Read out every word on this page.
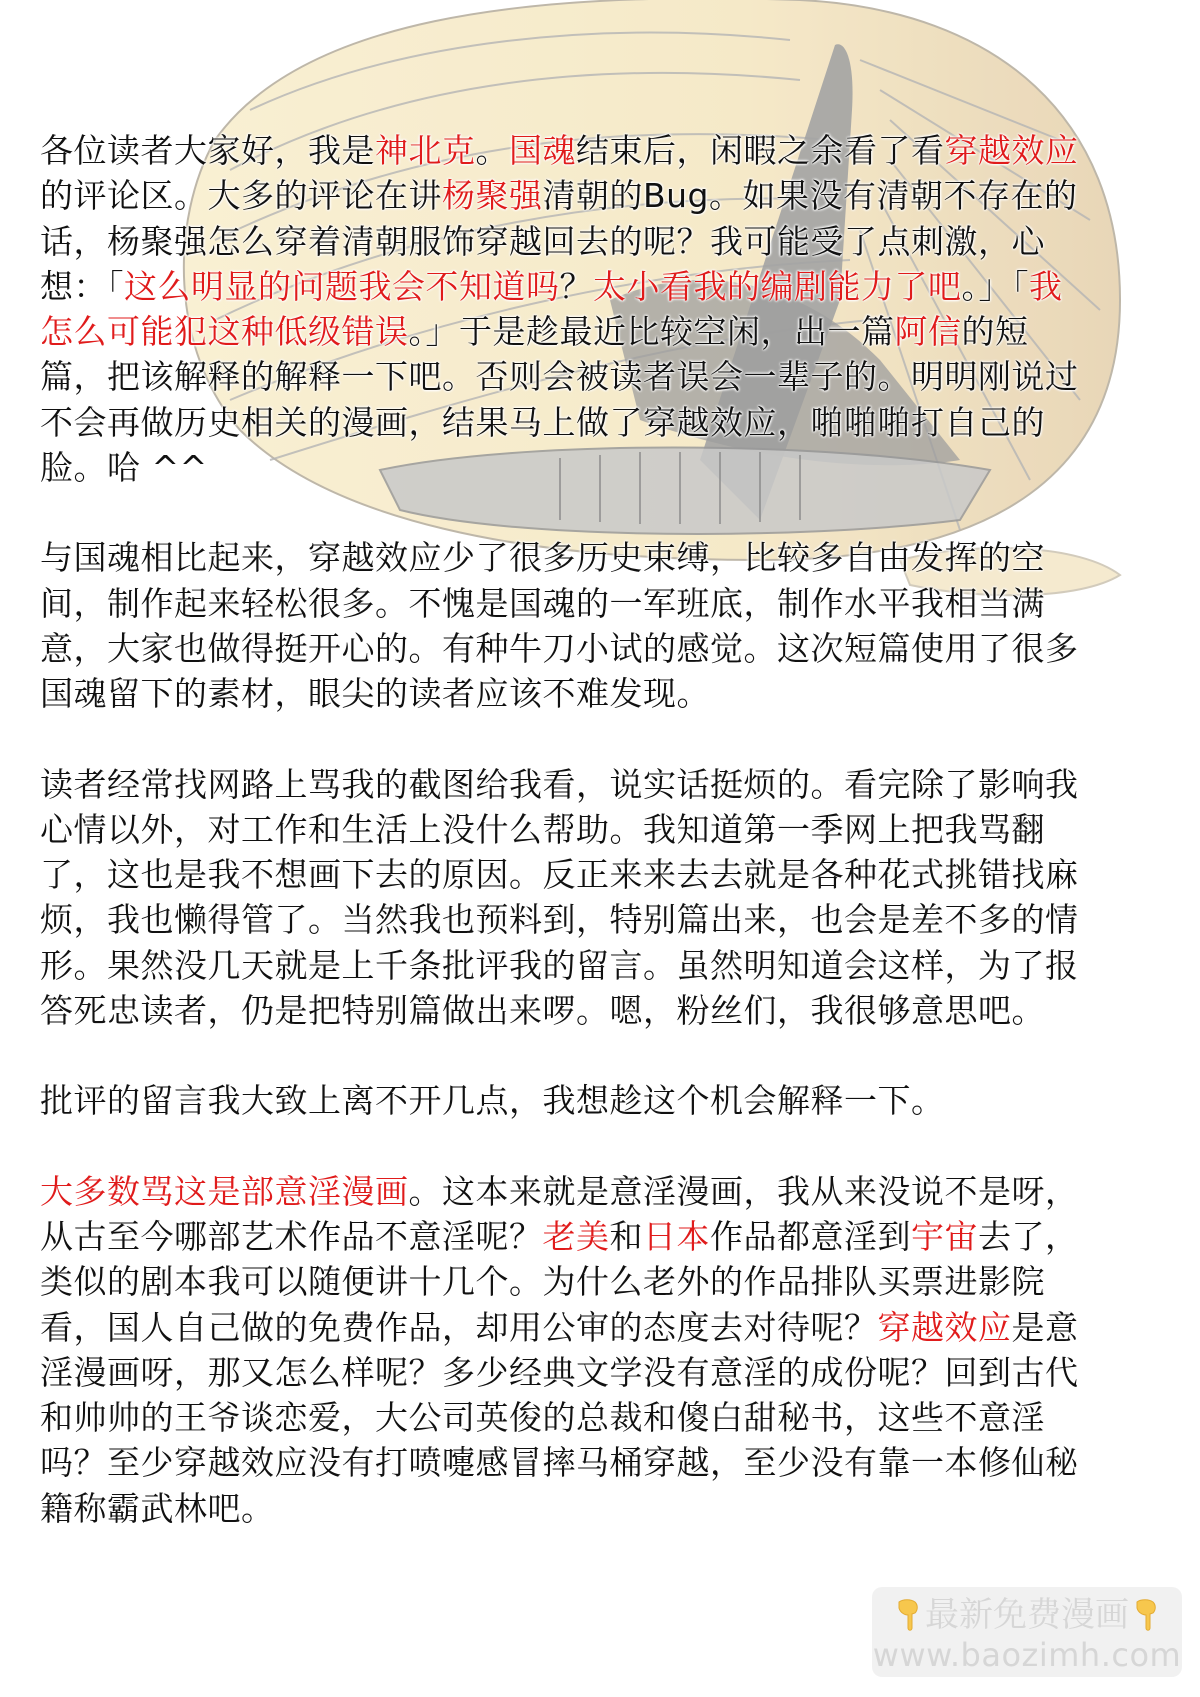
各位读者大家好，我是神北克。国魂结束后，闲暇之余看了看穿越效应的评论区。大多的评论在讲杨聚强清朝的Bug。如果没有清朝不存在的话，杨聚强怎么穿着清朝服饰穿越回去的呢？我可能受了点刺激，心想：「这么明显的问题我会不知道吗？太小看我的编剧能力了吧。」「我怎么可能犯这种低级错误。」于是趁最近比较空闲，出一篇阿信的短篇，把该解释的解释一下吧。否则会被读者误会一辈子的。明明刚说过不会再做历史相关的漫画，结果马上做了穿越效应，啪啪啪打自己的脸。哈 ^^

与国魂相比起来，穿越效应少了很多历史束缚，比较多自由发挥的空间，制作起来轻松很多。不愧是国魂的一军班底，制作水平我相当满意，大家也做得挺开心的。有种牛刀小试的感觉。这次短篇使用了很多国魂留下的素材，眼尖的读者应该不难发现。

读者经常找网路上骂我的截图给我看，说实话挺烦的。看完除了影响我心情以外，对工作和生活上没什么帮助。我知道第一季网上把我骂翻了，这也是我不想画下去的原因。反正来来去去就是各种花式挑错找麻烦，我也懒得管了。当然我也预料到，特别篇出来，也会是差不多的情形。果然没几天就是上千条批评我的留言。虽然明知道会这样，为了报答死忠读者，仍是把特别篇做出来啰。嗯，粉丝们，我很够意思吧。

批评的留言我大致上离不开几点，我想趁这个机会解释一下。

大多数骂这是部意淫漫画。这本来就是意淫漫画，我从来没说不是呀，从古至今哪部艺术作品不意淫呢？老美和日本作品都意淫到宇宙去了，类似的剧本我可以随便讲十几个。为什么老外的作品排队买票进影院看，国人自己做的免费作品，却用公审的态度去对待呢？穿越效应是意淫漫画呀，那又怎么样呢？多少经典文学没有意淫的成份呢？回到古代和帅帅的王爷谈恋爱，大公司英俊的总裁和傻白甜秘书，这些不意淫吗？至少穿越效应没有打喷嚏感冒摔马桶穿越，至少没有靠一本修仙秘籍称霸武林吧。

最新免费漫画
www.baozimh.com
